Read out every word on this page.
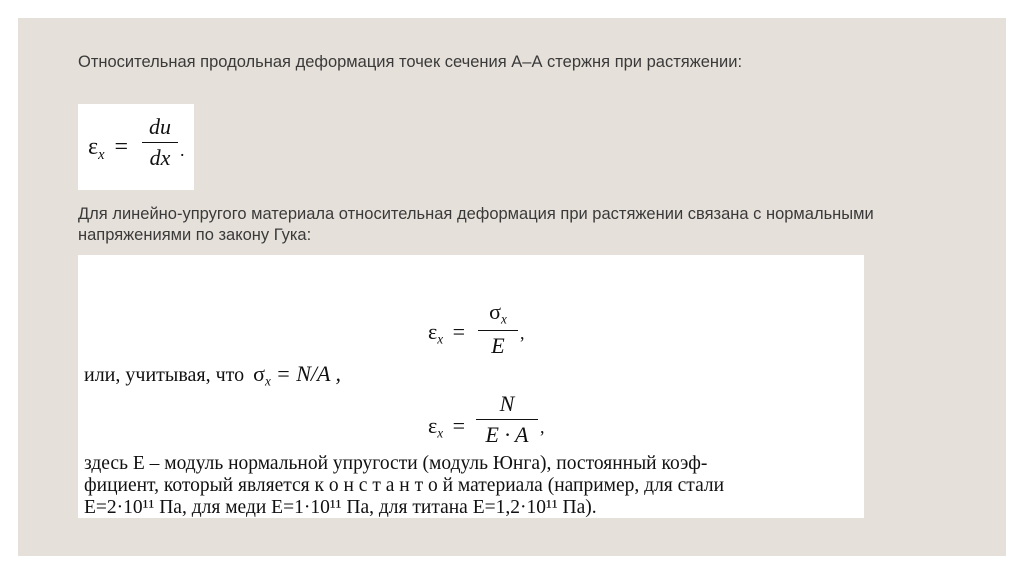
Относительная продольная деформация точек сечения А–А стержня при растяжении:
$\varepsilon_x$ =
du
dx .
Для линейно-упругого материала относительная деформация при растяжении связана с нормальными напряжениями по закону Гука:
$\varepsilon_x$ =
$\sigma_x$
E ,
или, учитывая, что $\sigma_x = N/A$ ,
$\varepsilon_x$ =
N
E · A ,
здесь E – модуль нормальной упругости (модуль Юнга), постоянный коэф-
фициент, который является к о н с т а н т о й материала (например, для стали
E=2·10¹¹ Па, для меди E=1·10¹¹ Па, для титана E=1,2·10¹¹ Па).
